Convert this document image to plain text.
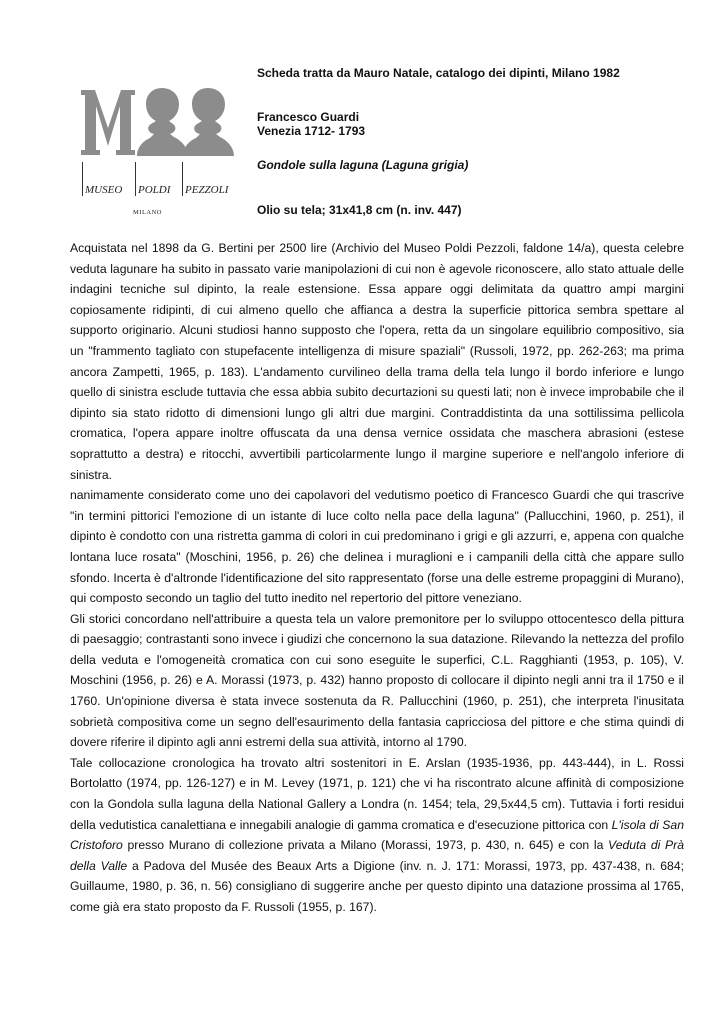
MUSEO POLDI PEZZOLI
MILANO

Scheda tratta da Mauro Natale, catalogo dei dipinti, Milano 1982

Francesco Guardi

Venezia 1712- 1793

Gondole sulla laguna (Laguna grigia)

Olio su tela; 31x41,8 cm (n. inv. 447)

Acquistata nel 1898 da G. Bertini per 2500 lire (Archivio del Museo Poldi Pezzoli, faldone 14/a), questa celebre veduta lagunare ha subito in passato varie manipolazioni di cui non è agevole riconoscere, allo stato attuale delle indagini tecniche sul dipinto, la reale estensione. Essa appare oggi delimitata da quattro ampi margini copiosamente ridipinti, di cui almeno quello che affianca a destra la superficie pittorica sembra spettare al supporto originario. Alcuni studiosi hanno supposto che l'opera, retta da un singolare equilibrio compositivo, sia un "frammento tagliato con stupefacente intelligenza di misure spaziali" (Russoli, 1972, pp. 262-263; ma prima ancora Zampetti, 1965, p. 183). L'andamento curvilineo della trama della tela lungo il bordo inferiore e lungo quello di sinistra esclude tuttavia che essa abbia subito decurtazioni su questi lati; non è invece improbabile che il dipinto sia stato ridotto di dimensioni lungo gli altri due margini. Contraddistinta da una sottilissima pellicola cromatica, l'opera appare inoltre offuscata da una densa vernice ossidata che maschera abrasioni (estese soprattutto a destra) e ritocchi, avvertibili particolarmente lungo il margine superiore e nell'angolo inferiore di sinistra.

nanimamente considerato come uno dei capolavori del vedutismo poetico di Francesco Guardi che qui trascrive "in termini pittorici l'emozione di un istante di luce colto nella pace della laguna" (Pallucchini, 1960, p. 251), il dipinto è condotto con una ristretta gamma di colori in cui predominano i grigi e gli azzurri, e, appena con qualche lontana luce rosata" (Moschini, 1956, p. 26) che delinea i muraglioni e i campanili della città che appare sullo sfondo. Incerta è d'altronde l'identificazione del sito rappresentato (forse una delle estreme propaggini di Murano), qui composto secondo un taglio del tutto inedito nel repertorio del pittore veneziano.

Gli storici concordano nell'attribuire a questa tela un valore premonitore per lo sviluppo ottocentesco della pittura di paesaggio; contrastanti sono invece i giudizi che concernono la sua datazione. Rilevando la nettezza del profilo della veduta e l'omogeneità cromatica con cui sono eseguite le superfici, C.L. Ragghianti (1953, p. 105), V. Moschini (1956, p. 26) e A. Morassi (1973, p. 432) hanno proposto di collocare il dipinto negli anni tra il 1750 e il 1760. Un'opinione diversa è stata invece sostenuta da R. Pallucchini (1960, p. 251), che interpreta l'inusitata sobrietà compositiva come un segno dell'esaurimento della fantasia capricciosa del pittore e che stima quindi di dovere riferire il dipinto agli anni estremi della sua attività, intorno al 1790.

Tale collocazione cronologica ha trovato altri sostenitori in E. Arslan (1935-1936, pp. 443-444), in L. Rossi Bortolatto (1974, pp. 126-127) e in M. Levey (1971, p. 121) che vi ha riscontrato alcune affinità di composizione con la Gondola sulla laguna della National Gallery a Londra (n. 1454; tela, 29,5x44,5 cm). Tuttavia i forti residui della vedutistica canalettiana e innegabili analogie di gamma cromatica e d'esecuzione pittorica con L'isola di San Cristoforo presso Murano di collezione privata a Milano (Morassi, 1973, p. 430, n. 645) e con la Veduta di Prà della Valle a Padova del Musée des Beaux Arts a Digione (inv. n. J. 171: Morassi, 1973, pp. 437-438, n. 684; Guillaume, 1980, p. 36, n. 56) consigliano di suggerire anche per questo dipinto una datazione prossima al 1765, come già era stato proposto da F. Russoli (1955, p. 167).
